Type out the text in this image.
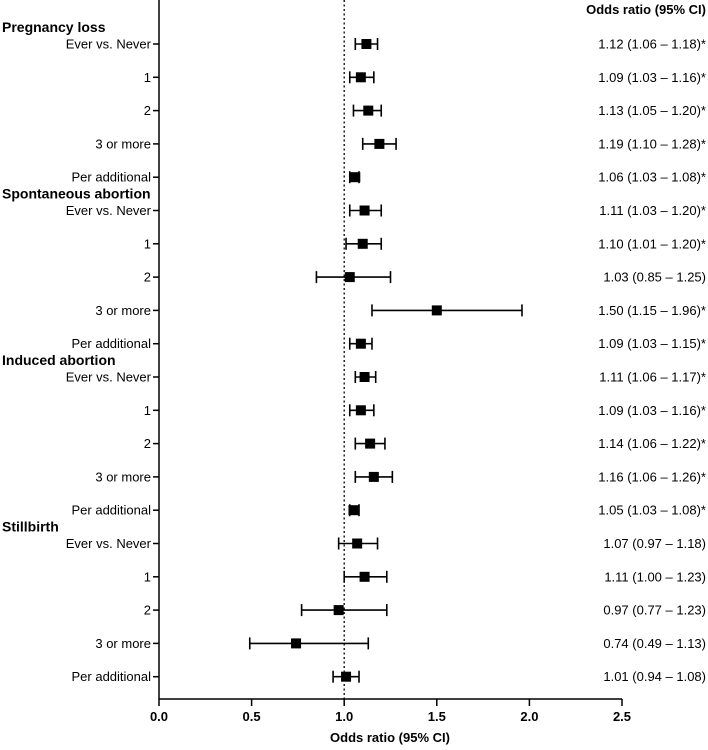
Odds ratio (95% CI)
0.0	0.5	1.0	1.5	2.0	2.5
Pregnancy loss
Ever vs. Never	1.12 (1.06 – 1.18)*
1	1.09 (1.03 – 1.16)*
2	1.13 (1.05 – 1.20)*
3 or more	1.19 (1.10 – 1.28)*
Per additional	1.06 (1.03 – 1.08)*
Spontaneous abortion
Ever vs. Never	1.11 (1.03 – 1.20)*
1	1.10 (1.01 – 1.20)*
2	1.03 (0.85 – 1.25)
3 or more	1.50 (1.15 – 1.96)*
Per additional	1.09 (1.03 – 1.15)*
Induced abortion
Ever vs. Never	1.11 (1.06 – 1.17)*
1	1.09 (1.03 – 1.16)*
2	1.14 (1.06 – 1.22)*
3 or more	1.16 (1.06 – 1.26)*
Per additional	1.05 (1.03 – 1.08)*
Stillbirth
Ever vs. Never	1.07 (0.97 – 1.18)
1	1.11 (1.00 – 1.23)
2	0.97 (0.77 – 1.23)
3 or more	0.74 (0.49 – 1.13)
Per additional	1.01 (0.94 – 1.08)
Odds ratio (95% CI)
